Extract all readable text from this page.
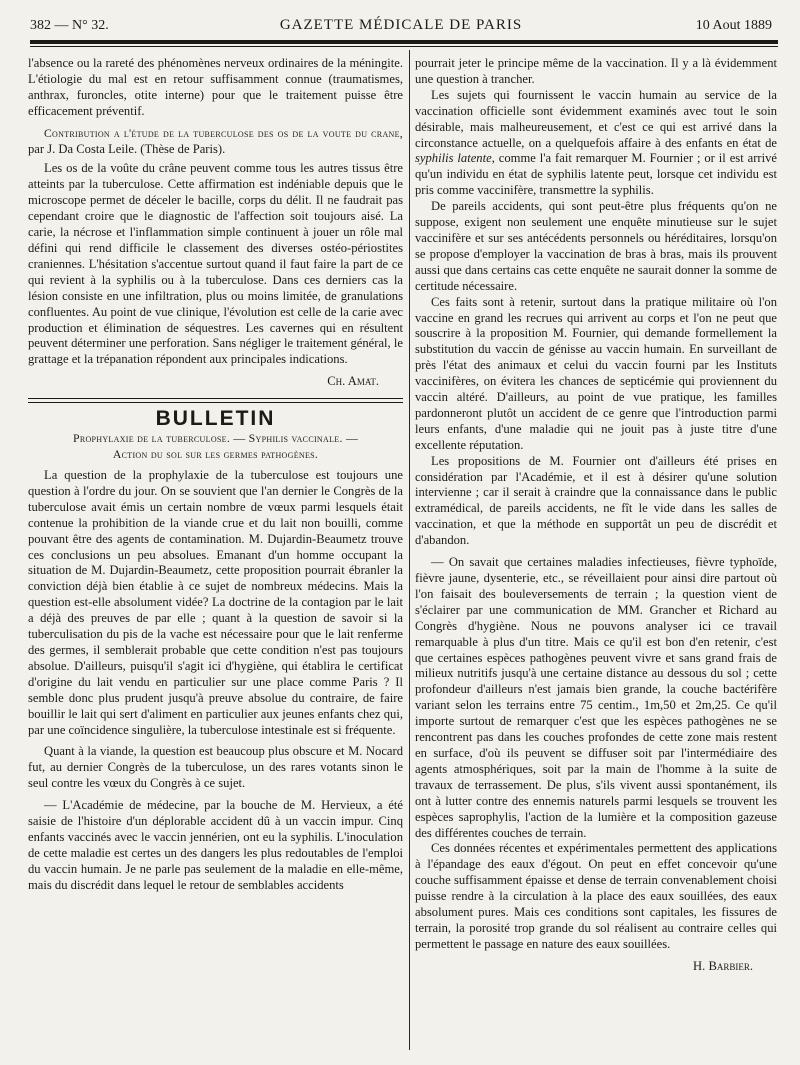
382 — N° 32.	GAZETTE MÉDICALE DE PARIS	10 Aout 1889

l'absence ou la rareté des phénomènes nerveux ordinaires de la méningite. L'étiologie du mal est en retour suffisamment connue (traumatismes, anthrax, furoncles, otite interne) pour que le traitement puisse être efficacement préventif.

Contribution a l'étude de la tuberculose des os de la voute du crane, par J. Da Costa Leile. (Thèse de Paris).

Les os de la voûte du crâne peuvent comme tous les autres tissus être atteints par la tuberculose. Cette affirmation est indéniable depuis que le microscope permet de déceler le bacille, corps du délit. Il ne faudrait pas cependant croire que le diagnostic de l'affection soit toujours aisé. La carie, la nécrose et l'inflammation simple continuent à jouer un rôle mal défini qui rend difficile le classement des diverses ostéo-périostites craniennes. L'hésitation s'accentue surtout quand il faut faire la part de ce qui revient à la syphilis ou à la tuberculose. Dans ces derniers cas la lésion consiste en une infiltration, plus ou moins limitée, de granulations confluentes. Au point de vue clinique, l'évolution est celle de la carie avec production et élimination de séquestres. Les cavernes qui en résultent peuvent déterminer une perforation. Sans négliger le traitement général, le grattage et la trépanation répondent aux principales indications.

Ch. Amat.

BULLETIN

Prophylaxie de la tuberculose. — Syphilis vaccinale. —

Action du sol sur les germes pathogènes.

La question de la prophylaxie de la tuberculose est toujours une question à l'ordre du jour. On se souvient que l'an dernier le Congrès de la tuberculose avait émis un certain nombre de vœux parmi lesquels était contenue la prohibition de la viande crue et du lait non bouilli, comme pouvant être des agents de contamination. M. Dujardin-Beaumetz trouve ces conclusions un peu absolues. Emanant d'un homme occupant la situation de M. Dujardin-Beaumetz, cette proposition pourrait ébranler la conviction déjà bien établie à ce sujet de nombreux médecins. Mais la question est-elle absolument vidée? La doctrine de la contagion par le lait a déjà des preuves de par elle ; quant à la question de savoir si la tuberculisation du pis de la vache est nécessaire pour que le lait renferme des germes, il semblerait probable que cette condition n'est pas toujours absolue. D'ailleurs, puisqu'il s'agit ici d'hygiène, qui établira le certificat d'origine du lait vendu en particulier sur une place comme Paris ? Il semble donc plus prudent jusqu'à preuve absolue du contraire, de faire bouillir le lait qui sert d'aliment en particulier aux jeunes enfants chez qui, par une coïncidence singulière, la tuberculose intestinale est si fréquente.

Quant à la viande, la question est beaucoup plus obscure et M. Nocard fut, au dernier Congrès de la tuberculose, un des rares votants sinon le seul contre les vœux du Congrès à ce sujet.

— L'Académie de médecine, par la bouche de M. Hervieux, a été saisie de l'histoire d'un déplorable accident dû à un vaccin impur. Cinq enfants vaccinés avec le vaccin jennérien, ont eu la syphilis. L'inoculation de cette maladie est certes un des dangers les plus redoutables de l'emploi du vaccin humain. Je ne parle pas seulement de la maladie en elle-même, mais du discrédit dans lequel le retour de semblables accidents

pourrait jeter le principe même de la vaccination. Il y a là évidemment une question à trancher.

Les sujets qui fournissent le vaccin humain au service de la vaccination officielle sont évidemment examinés avec tout le soin désirable, mais malheureusement, et c'est ce qui est arrivé dans la circonstance actuelle, on a quelquefois affaire à des enfants en état de syphilis latente, comme l'a fait remarquer M. Fournier ; or il est arrivé qu'un individu en état de syphilis latente peut, lorsque cet individu est pris comme vaccinifère, transmettre la syphilis.

De pareils accidents, qui sont peut-être plus fréquents qu'on ne suppose, exigent non seulement une enquête minutieuse sur le sujet vaccinifère et sur ses antécédents personnels ou héréditaires, lorsqu'on se propose d'employer la vaccination de bras à bras, mais ils prouvent aussi que dans certains cas cette enquête ne saurait donner la somme de certitude nécessaire.

Ces faits sont à retenir, surtout dans la pratique militaire où l'on vaccine en grand les recrues qui arrivent au corps et l'on ne peut que souscrire à la proposition M. Fournier, qui demande formellement la substitution du vaccin de génisse au vaccin humain. En surveillant de près l'état des animaux et celui du vaccin fourni par les Instituts vaccinifères, on évitera les chances de septicémie qui proviennent du vaccin altéré. D'ailleurs, au point de vue pratique, les familles pardonneront plutôt un accident de ce genre que l'introduction parmi leurs enfants, d'une maladie qui ne jouit pas à juste titre d'une excellente réputation.

Les propositions de M. Fournier ont d'ailleurs été prises en considération par l'Académie, et il est à désirer qu'une solution intervienne ; car il serait à craindre que la connaissance dans le public extramédical, de pareils accidents, ne fît le vide dans les salles de vaccination, et que la méthode en supportât un peu de discrédit et d'abandon.

— On savait que certaines maladies infectieuses, fièvre typhoïde, fièvre jaune, dysenterie, etc., se réveillaient pour ainsi dire partout où l'on faisait des bouleversements de terrain ; la question vient de s'éclairer par une communication de MM. Grancher et Richard au Congrès d'hygiène. Nous ne pouvons analyser ici ce travail remarquable à plus d'un titre. Mais ce qu'il est bon d'en retenir, c'est que certaines espèces pathogènes peuvent vivre et sans grand frais de milieux nutritifs jusqu'à une certaine distance au dessous du sol ; cette profondeur d'ailleurs n'est jamais bien grande, la couche bactérifère variant selon les terrains entre 75 centim., 1m,50 et 2m,25. Ce qu'il importe surtout de remarquer c'est que les espèces pathogènes ne se rencontrent pas dans les couches profondes de cette zone mais restent en surface, d'où ils peuvent se diffuser soit par l'intermédiaire des agents atmosphériques, soit par la main de l'homme à la suite de travaux de terrassement. De plus, s'ils vivent aussi spontanément, ils ont à lutter contre des ennemis naturels parmi lesquels se trouvent les espèces saprophylis, l'action de la lumière et la composition gazeuse des différentes couches de terrain.

Ces données récentes et expérimentales permettent des applications à l'épandage des eaux d'égout. On peut en effet concevoir qu'une couche suffisamment épaisse et dense de terrain convenablement choisi puisse rendre à la circulation à la place des eaux souillées, des eaux absolument pures. Mais ces conditions sont capitales, les fissures de terrain, la porosité trop grande du sol réalisent au contraire celles qui permettent le passage en nature des eaux souillées.

H. Barbier.
